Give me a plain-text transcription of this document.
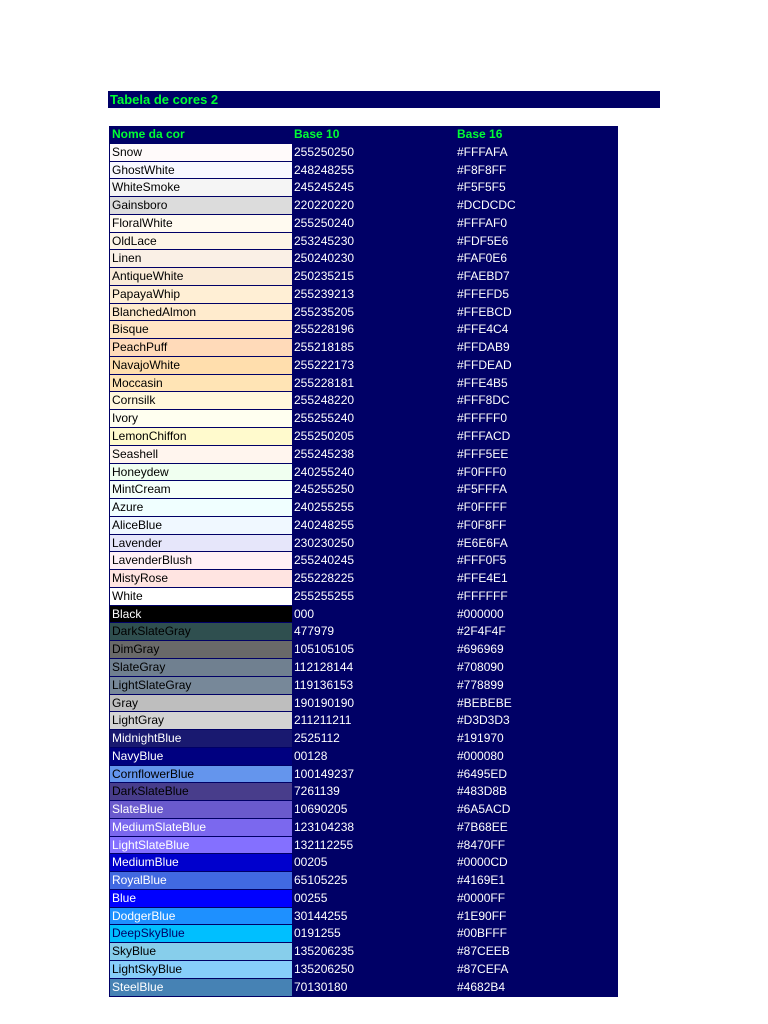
Tabela de cores 2
Nome da cor	Base 10	Base 16
Snow	255250250	#FFFAFA
GhostWhite	248248255	#F8F8FF
WhiteSmoke	245245245	#F5F5F5
Gainsboro	220220220	#DCDCDC
FloralWhite	255250240	#FFFAF0
OldLace	253245230	#FDF5E6
Linen	250240230	#FAF0E6
AntiqueWhite	250235215	#FAEBD7
PapayaWhip	255239213	#FFEFD5
BlanchedAlmon	255235205	#FFEBCD
Bisque	255228196	#FFE4C4
PeachPuff	255218185	#FFDAB9
NavajoWhite	255222173	#FFDEAD
Moccasin	255228181	#FFE4B5
Cornsilk	255248220	#FFF8DC
Ivory	255255240	#FFFFF0
LemonChiffon	255250205	#FFFACD
Seashell	255245238	#FFF5EE
Honeydew	240255240	#F0FFF0
MintCream	245255250	#F5FFFA
Azure	240255255	#F0FFFF
AliceBlue	240248255	#F0F8FF
Lavender	230230250	#E6E6FA
LavenderBlush	255240245	#FFF0F5
MistyRose	255228225	#FFE4E1
White	255255255	#FFFFFF
Black	000	#000000
DarkSlateGray	477979	#2F4F4F
DimGray	105105105	#696969
SlateGray	112128144	#708090
LightSlateGray	119136153	#778899
Gray	190190190	#BEBEBE
LightGray	211211211	#D3D3D3
MidnightBlue	2525112	#191970
NavyBlue	00128	#000080
CornflowerBlue	100149237	#6495ED
DarkSlateBlue	7261139	#483D8B
SlateBlue	10690205	#6A5ACD
MediumSlateBlue	123104238	#7B68EE
LightSlateBlue	132112255	#8470FF
MediumBlue	00205	#0000CD
RoyalBlue	65105225	#4169E1
Blue	00255	#0000FF
DodgerBlue	30144255	#1E90FF
DeepSkyBlue	0191255	#00BFFF
SkyBlue	135206235	#87CEEB
LightSkyBlue	135206250	#87CEFA
SteelBlue	70130180	#4682B4
